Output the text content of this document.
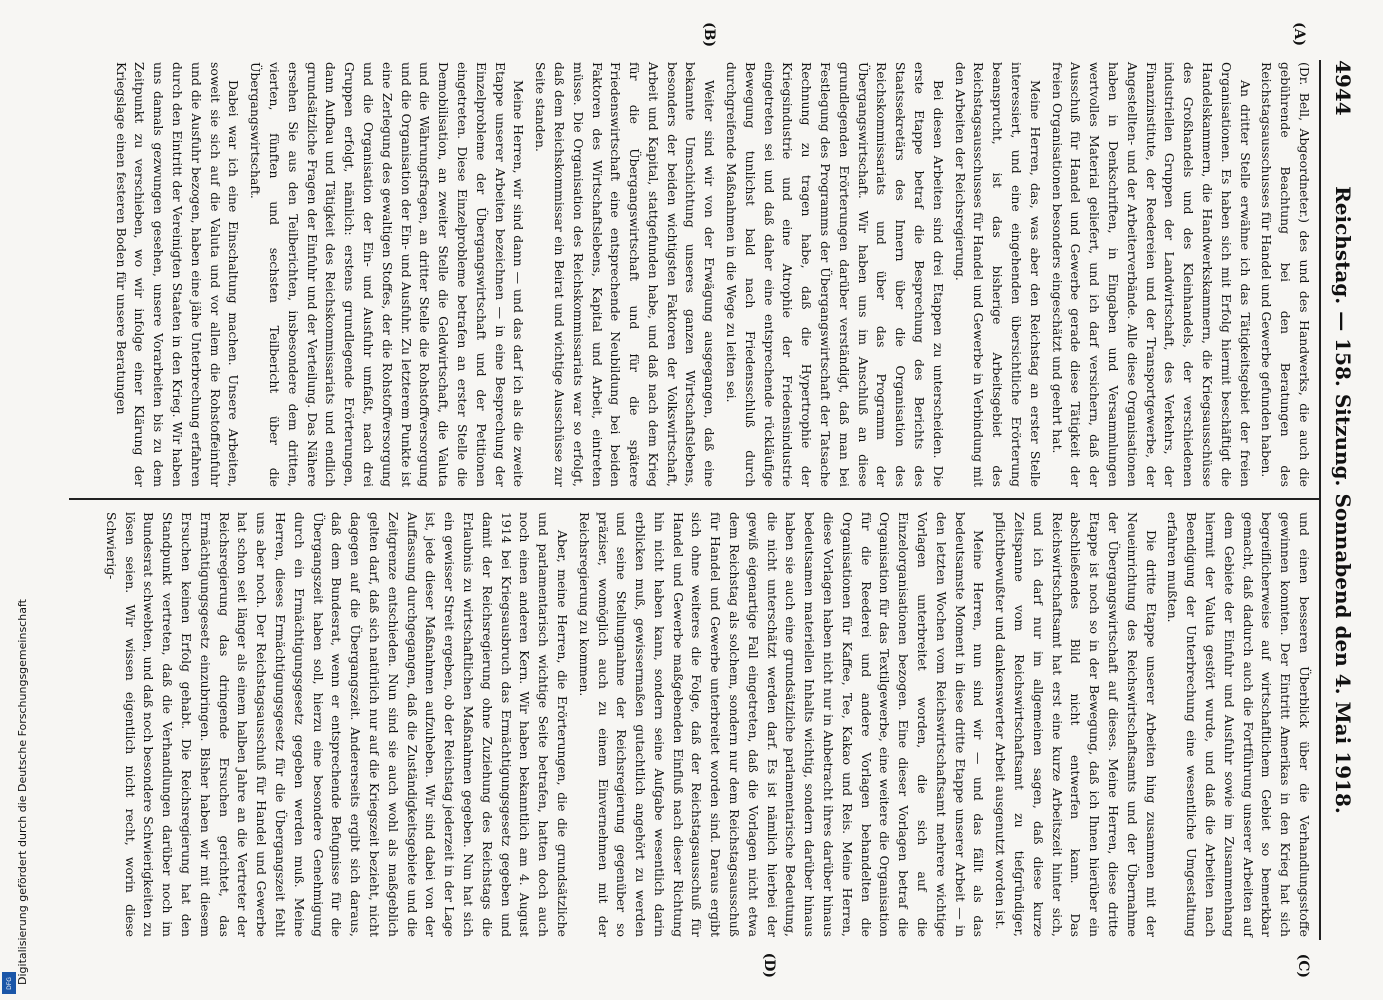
4944
Reichstag. — 158. Sitzung. Sonnabend den 4. Mai 1918.
(A)
(B)
(C)
(D)

(Dr. Bell, Abgeordneter.) des und des Handwerks, die auch die gebührende Beachtung bei den Beratungen des Reichstagsausschusses für Handel und Gewerbe gefunden haben.

An dritter Stelle erwähne ich das Tätigkeitsgebiet der freien Organisationen. Es haben sich mit Erfolg hiermit beschäftigt die Handelskammern, die Handwerkskammern, die Kriegsausschüsse des Großhandels und des Kleinhandels, der verschiedenen industriellen Gruppen der Landwirtschaft, des Verkehrs, der Finanzinstitute, der Reedereien und der Transportgewerbe, der Angestellten- und der Arbeiterverbände. Alle diese Organisationen haben in Denkschriften, in Eingaben und Versammlungen wertvolles Material geliefert, und ich darf versichern, daß der Ausschuß für Handel und Gewerbe gerade diese Tätigkeit der freien Organisationen besonders eingeschätzt und geehrt hat.

Meine Herren, das, was aber den Reichstag an erster Stelle interessiert, und eine eingehenden übersichtliche Erörterung beansprucht, ist das bisherige Arbeitsgebiet des Reichstagsausschusses für Handel und Gewerbe in Verbindung mit den Arbeiten der Reichsregierung.

Bei diesen Arbeiten sind drei Etappen zu unterscheiden. Die erste Etappe betraf die Besprechung des Berichts des Staatssekretärs des Innern über die Organisation des Reichskommissariats und über das Programm der Übergangswirtschaft. Wir haben uns im Anschluß an diese grundlegenden Erörterungen darüber verständigt, daß man bei Festlegung des Programms der Übergangswirtschaft der Tatsache Rechnung zu tragen habe, daß die Hypertrophie der Kriegsindustrie und eine Atrophie der Friedensindustrie eingetreten sei und daß daher eine entsprechende rückläufige Bewegung tunlichst bald nach Friedensschluß durch durchgreifende Maßnahmen in die Wege zu leiten sei.

Weiter sind wir von der Erwägung ausgegangen, daß eine bekannte Umschichtung unseres ganzen Wirtschaftslebens, besonders der beiden wichtigsten Faktoren der Volkswirtschaft, Arbeit und Kapital, stattgefunden habe, und daß nach dem Krieg für die Übergangswirtschaft und für die spätere Friedenswirtschaft eine entsprechende Neubildung bei beiden Faktoren des Wirtschaftslebens, Kapital und Arbeit, eintreten müsse. Die Organisation des Reichskommissariats war so erfolgt, daß dem Reichskommissar ein Beirat und wichtige Ausschüsse zur Seite standen.

Meine Herren, wir sind dann — und das darf ich als die zweite Etappe unserer Arbeiten bezeichnen — in eine Besprechung der Einzelprobleme der Übergangswirtschaft und der Petitionen eingetreten. Diese Einzelprobleme betrafen an erster Stelle die Demobilisation, an zweiter Stelle die Geldwirtschaft, die Valuta und die Währungsfragen, an dritter Stelle die Rohstoffversorgung und die Organisation der Ein- und Ausfuhr. Zu letzterem Punkte ist eine Zerlegung des gewaltigen Stoffes, der die Rohstoffversorgung und die Organisation der Ein- und Ausfuhr umfaßt, nach drei Gruppen erfolgt, nämlich: erstens grundlegende Erörterungen, dann Aufbau und Tätigkeit des Reichskommissariats und endlich grundsätzliche Fragen der Einfuhr und der Verteilung. Das Nähere ersehen Sie aus den Teilberichten, insbesondere dem dritten, vierten, fünften und sechsten Teilbericht über die Übergangswirtschaft.

Dabei war ich eine Einschaltung machen. Unsere Arbeiten, soweit sie sich auf die Valuta und vor allem die Rohstoffeinfuhr und die Ausfuhr bezogen, haben eine jähe Unterbrechung erfahren durch den Eintritt der Vereinigten Staaten in den Krieg. Wir haben uns damals gezwungen gesehen, unsere Vorarbeiten bis zu dem Zeitpunkt zu verschieben, wo wir infolge einer Klärung der Kriegslage einen festeren Boden für unsere Beratungen

und einen besseren Überblick über die Verhandlungsstoffe gewinnen konnten. Der Eintritt Amerikas in den Krieg hat sich begreiflicherweise auf wirtschaftlichem Gebiet so bemerkbar gemacht, daß dadurch auch die Fortführung unserer Arbeiten auf dem Gebiete der Einfuhr und Ausfuhr sowie im Zusammenhang hiermit der Valuta gestört wurde, und daß die Arbeiten nach Beendigung der Unterbrechung eine wesentliche Umgestaltung erfahren mußten.

Die dritte Etappe unserer Arbeiten hing zusammen mit der Neueinrichtung des Reichswirtschaftsamts und der Übernahme der Übergangswirtschaft auf dieses. Meine Herren, diese dritte Etappe ist noch so in der Bewegung, daß ich Ihnen hierüber ein abschließendes Bild nicht entwerfen kann. Das Reichswirtschaftsamt hat erst eine kurze Arbeitszeit hinter sich, und ich darf nur im allgemeinen sagen, daß diese kurze Zeitspanne vom Reichswirtschaftsamt zu tiefgründiger, pflichtbewußter und dankenswerter Arbeit ausgenutzt worden ist.

Meine Herren, nun sind wir — und das fällt als das bedeutsamste Moment in diese dritte Etappe unserer Arbeit — in den letzten Wochen vom Reichswirtschaftsamt mehrere wichtige Vorlagen unterbreitet worden, die sich auf die Einzelorganisationen bezogen. Eine dieser Vorlagen betraf die Organisation für das Textilgewerbe, eine weitere die Organisation für die Reederei und andere Vorlagen behandelten die Organisationen für Kaffee, Tee, Kakao und Reis. Meine Herren, diese Vorlagen haben nicht nur in Anbetracht ihres darüber hinaus bedeutsamen materiellen Inhalts wichtig, sondern darüber hinaus haben sie auch eine grundsätzliche parlamentarische Bedeutung, die nicht unterschätzt werden darf. Es ist nämlich hierbei der gewiß eigenartige Fall eingetreten, daß die Vorlagen nicht etwa dem Reichstag als solchem, sondern nur dem Reichstagsausschuß für Handel und Gewerbe unterbreitet worden sind. Daraus ergibt sich ohne weiteres die Folge, daß der Reichstagsausschuß für Handel und Gewerbe maßgebenden Einfluß nach dieser Richtung hin nicht haben kann, sondern seine Aufgabe wesentlich darin erblicken muß, gewissermaßen gutachtlich angehört zu werden und seine Stellungnahme der Reichsregierung gegenüber so präziser, womöglich auch zu einem Einvernehmen mit der Reichsregierung zu kommen.

Aber, meine Herren, die Erörterungen, die die grundsätzliche und parlamentarisch wichtige Seite betrafen, hatten doch auch noch einen anderen Kern. Wir haben bekanntlich am 4. August 1914 bei Kriegsausbruch das Ermächtigungsgesetz gegeben und damit der Reichsregierung ohne Zuziehung des Reichstags die Erlaubnis zu wirtschaftlichen Maßnahmen gegeben. Nun hat sich ein gewisser Streit ergeben, ob der Reichstag jederzeit in der Lage ist, jede dieser Maßnahmen aufzuheben. Wir sind dabei von der Auffassung durchgegangen, daß die Zuständigkeitsgebiete und die Zeitgrenze entschieden. Nun sind sie auch wohl als maßgeblich gelten darf, daß sich natürlich nur auf die Kriegszeit bezieht, nicht dagegen auf die Übergangszeit. Andererseits ergibt sich daraus, daß dem Bundesrat, wenn er entsprechende Befugnisse für die Übergangszeit haben soll, hierzu eine besondere Genehmigung durch ein Ermächtigungsgesetz gegeben werden muß. Meine Herren, dieses Ermächtigungsgesetz für die Übergangszeit fehlt uns aber noch. Der Reichstagsausschuß für Handel und Gewerbe hat schon seit länger als einem halben Jahre an die Vertreter der Reichsregierung das dringende Ersuchen gerichtet, das Ermächtigungsgesetz einzubringen. Bisher haben wir mit diesem Ersuchen keinen Erfolg gehabt. Die Reichsregierung hat den Standpunkt vertreten, daß die Verhandlungen darüber noch im Bundesrat schwebten, und daß noch besondere Schwierigkeiten zu lösen seien. Wir wissen eigentlich nicht recht, worin diese Schwierig-

Digitalisierung gefördert durch die Deutsche Forschungsgemeinschaft
DFG
